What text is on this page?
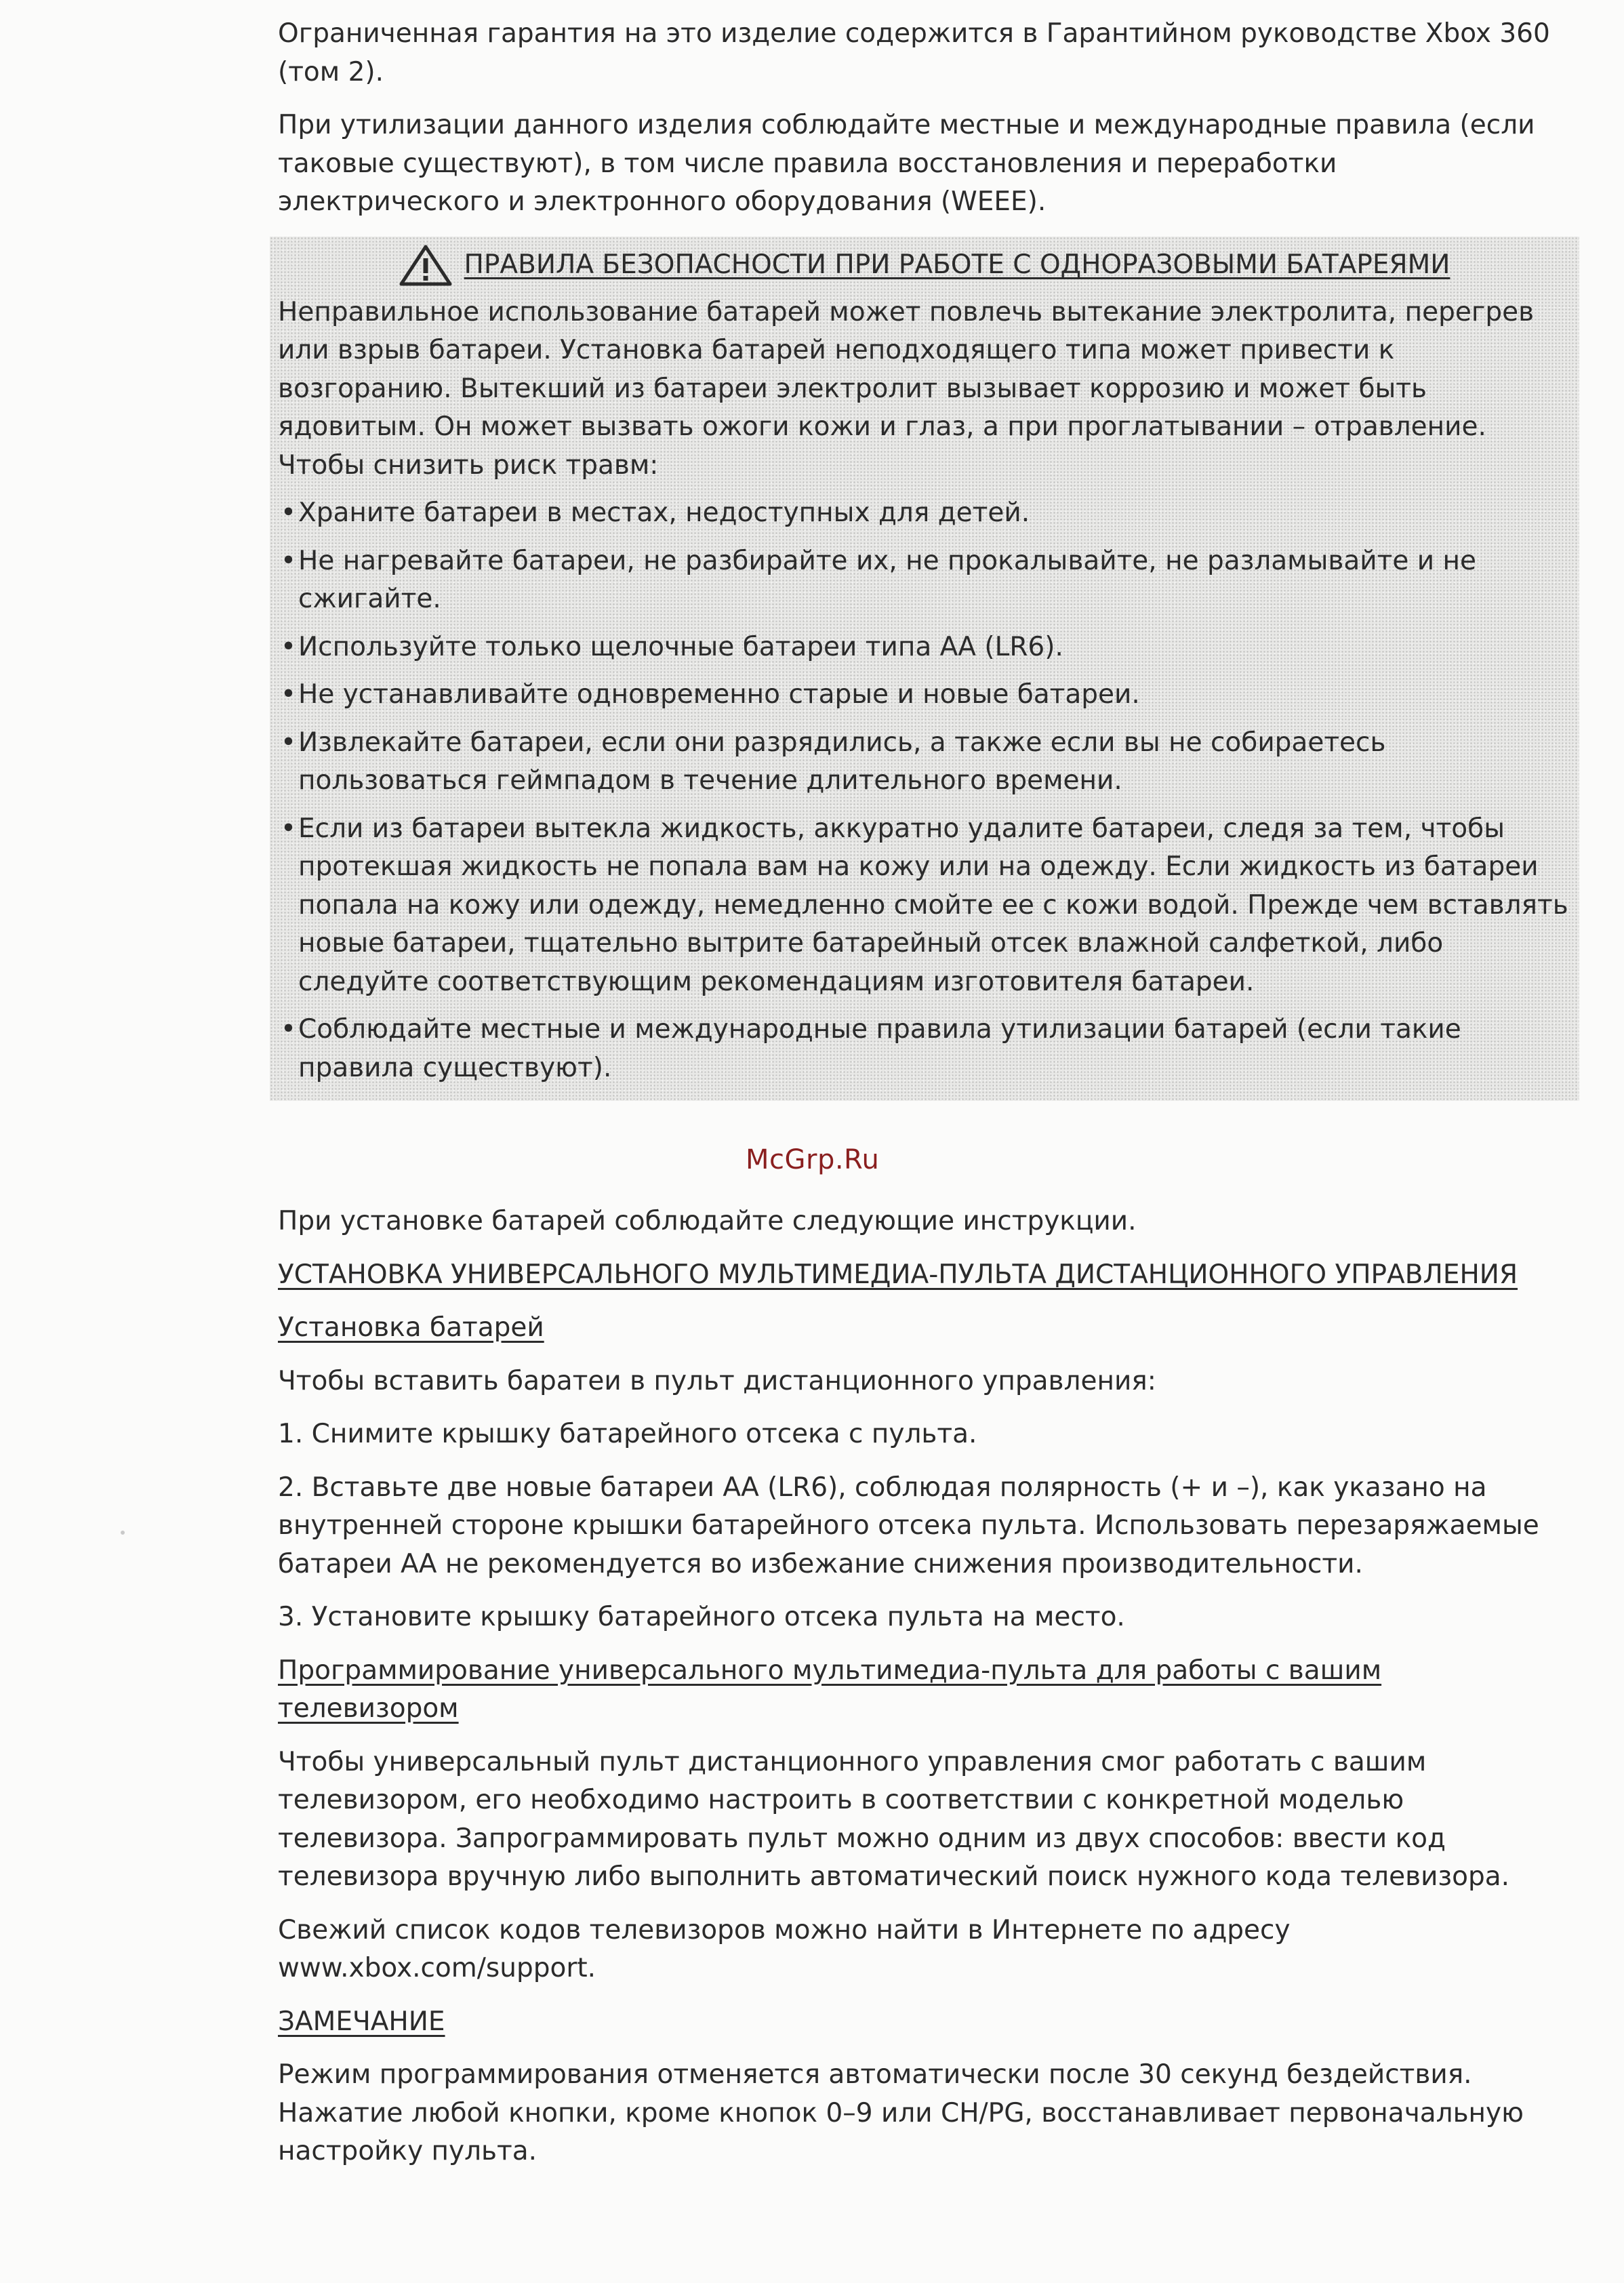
Ограниченная гарантия на это изделие содержится в Гарантийном руководстве Xbox 360 (том 2).

При утилизации данного изделия соблюдайте местные и международные правила (если таковые существуют), в том числе правила восстановления и переработки электрического и электронного оборудования (WEEE).

ПРАВИЛА БЕЗОПАСНОСТИ ПРИ РАБОТЕ С ОДНОРАЗОВЫМИ БАТАРЕЯМИ

Неправильное использование батарей может повлечь вытекание электролита, перегрев или взрыв батареи. Установка батарей неподходящего типа может привести к возгоранию. Вытекший из батареи электролит вызывает коррозию и может быть ядовитым. Он может вызвать ожоги кожи и глаз, а при проглатывании – отравление. Чтобы снизить риск травм:

• Храните батареи в местах, недоступных для детей.
• Не нагревайте батареи, не разбирайте их, не прокалывайте, не разламывайте и не сжигайте.
• Используйте только щелочные батареи типа АА (LR6).
• Не устанавливайте одновременно старые и новые батареи.
• Извлекайте батареи, если они разрядились, а также если вы не собираетесь пользоваться геймпадом в течение длительного времени.
• Если из батареи вытекла жидкость, аккуратно удалите батареи, следя за тем, чтобы протекшая жидкость не попала вам на кожу или на одежду. Если жидкость из батареи попала на кожу или одежду, немедленно смойте ее с кожи водой. Прежде чем вставлять новые батареи, тщательно вытрите батарейный отсек влажной салфеткой, либо следуйте соответствующим рекомендациям изготовителя батареи.
• Соблюдайте местные и международные правила утилизации батарей (если такие правила существуют).

При установке батарей соблюдайте следующие инструкции.

УСТАНОВКА УНИВЕРСАЛЬНОГО МУЛЬТИМЕДИА-ПУЛЬТА ДИСТАНЦИОННОГО УПРАВЛЕНИЯ

Установка батарей

Чтобы вставить баратеи в пульт дистанционного управления:

1. Снимите крышку батарейного отсека с пульта.

2. Вставьте две новые батареи АА (LR6), соблюдая полярность (+ и –), как указано на внутренней стороне крышки батарейного отсека пульта. Использовать перезаряжаемые батареи АА не рекомендуется во избежание снижения производительности.

3. Установите крышку батарейного отсека пульта на место.

Программирование универсального мультимедиа-пульта для работы с вашим телевизором

Чтобы универсальный пульт дистанционного управления смог работать с вашим телевизором, его необходимо настроить в соответствии с конкретной моделью телевизора. Запрограммировать пульт можно одним из двух способов: ввести код телевизора вручную либо выполнить автоматический поиск нужного кода телевизора.

Свежий список кодов телевизоров можно найти в Интернете по адресу www.xbox.com/support.

ЗАМЕЧАНИЕ

Режим программирования отменяется автоматически после 30 секунд бездействия. Нажатие любой кнопки, кроме кнопок 0–9 или CH/PG, восстанавливает первоначальную настройку пульта.

McGrp.Ru
